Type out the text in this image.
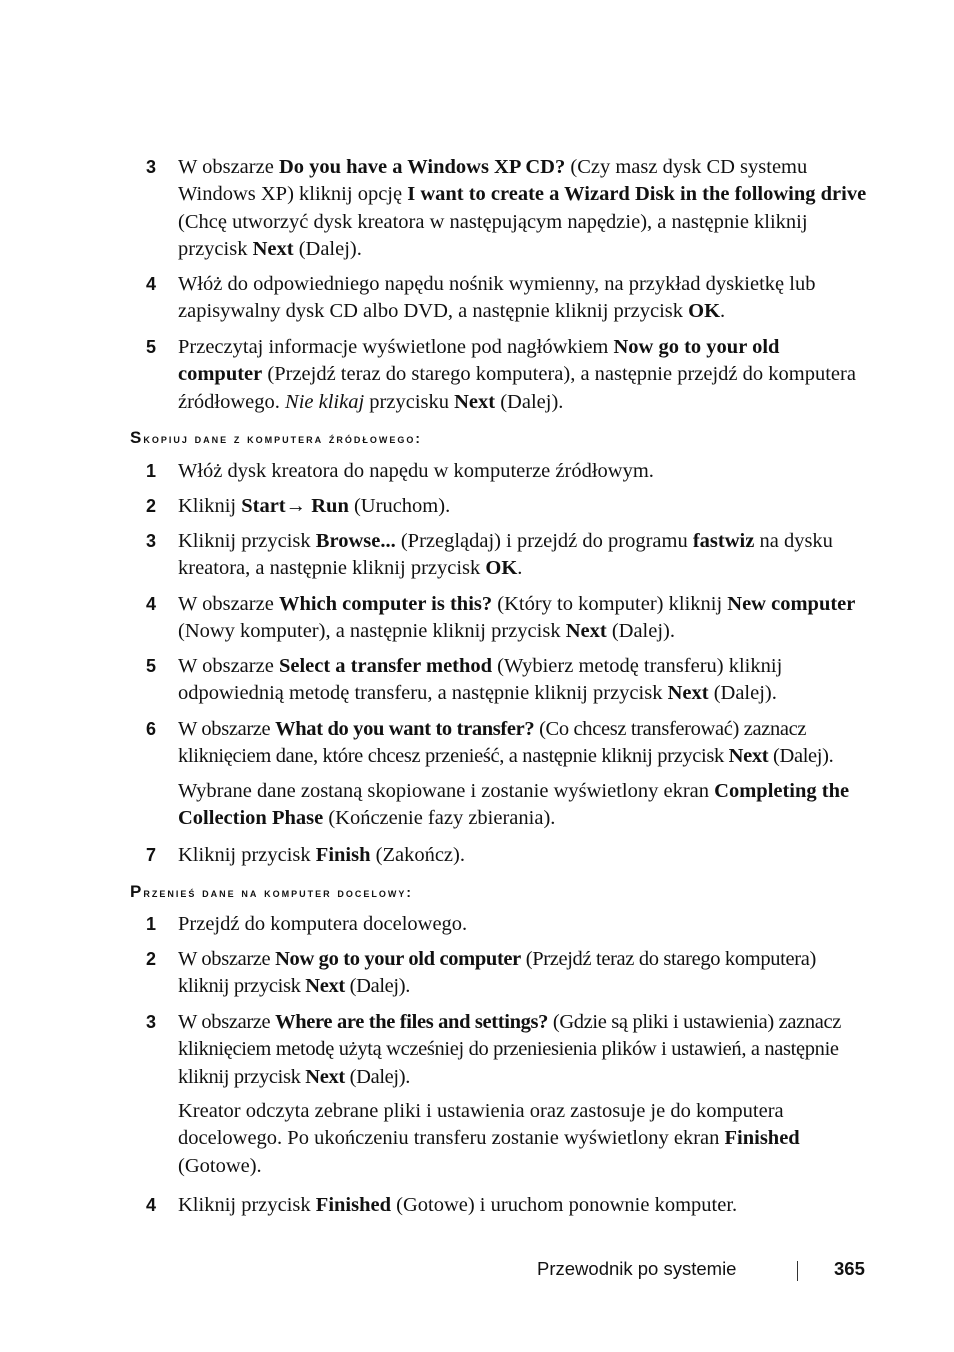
3 W obszarze Do you have a Windows XP CD? (Czy masz dysk CD systemu Windows XP) kliknij opcję I want to create a Wizard Disk in the following drive (Chcę utworzyć dysk kreatora w następującym napędzie), a następnie kliknij przycisk Next (Dalej).
4 Włóż do odpowiedniego napędu nośnik wymienny, na przykład dyskietkę lub zapisywalny dysk CD albo DVD, a następnie kliknij przycisk OK.
5 Przeczytaj informacje wyświetlone pod nagłówkiem Now go to your old computer (Przejdź teraz do starego komputera), a następnie przejdź do komputera źródłowego. Nie klikaj przycisku Next (Dalej).
Skopiuj dane z komputera źródłowego:
1 Włóż dysk kreatora do napędu w komputerze źródłowym.
2 Kliknij Start→ Run (Uruchom).
3 Kliknij przycisk Browse... (Przeglądaj) i przejdź do programu fastwiz na dysku kreatora, a następnie kliknij przycisk OK.
4 W obszarze Which computer is this? (Który to komputer) kliknij New computer (Nowy komputer), a następnie kliknij przycisk Next (Dalej).
5 W obszarze Select a transfer method (Wybierz metodę transferu) kliknij odpowiednią metodę transferu, a następnie kliknij przycisk Next (Dalej).
6 W obszarze What do you want to transfer? (Co chcesz transferować) zaznacz kliknięciem dane, które chcesz przenieść, a następnie kliknij przycisk Next (Dalej).
Wybrane dane zostaną skopiowane i zostanie wyświetlony ekran Completing the Collection Phase (Kończenie fazy zbierania).
7 Kliknij przycisk Finish (Zakończ).
Przenieś dane na komputer docelowy:
1 Przejdź do komputera docelowego.
2 W obszarze Now go to your old computer (Przejdź teraz do starego komputera) kliknij przycisk Next (Dalej).
3 W obszarze Where are the files and settings? (Gdzie są pliki i ustawienia) zaznacz kliknięciem metodę użytą wcześniej do przeniesienia plików i ustawień, a następnie kliknij przycisk Next (Dalej).
Kreator odczyta zebrane pliki i ustawienia oraz zastosuje je do komputera docelowego. Po ukończeniu transferu zostanie wyświetlony ekran Finished (Gotowe).
4 Kliknij przycisk Finished (Gotowe) i uruchom ponownie komputer.
Przewodnik po systemie	365
